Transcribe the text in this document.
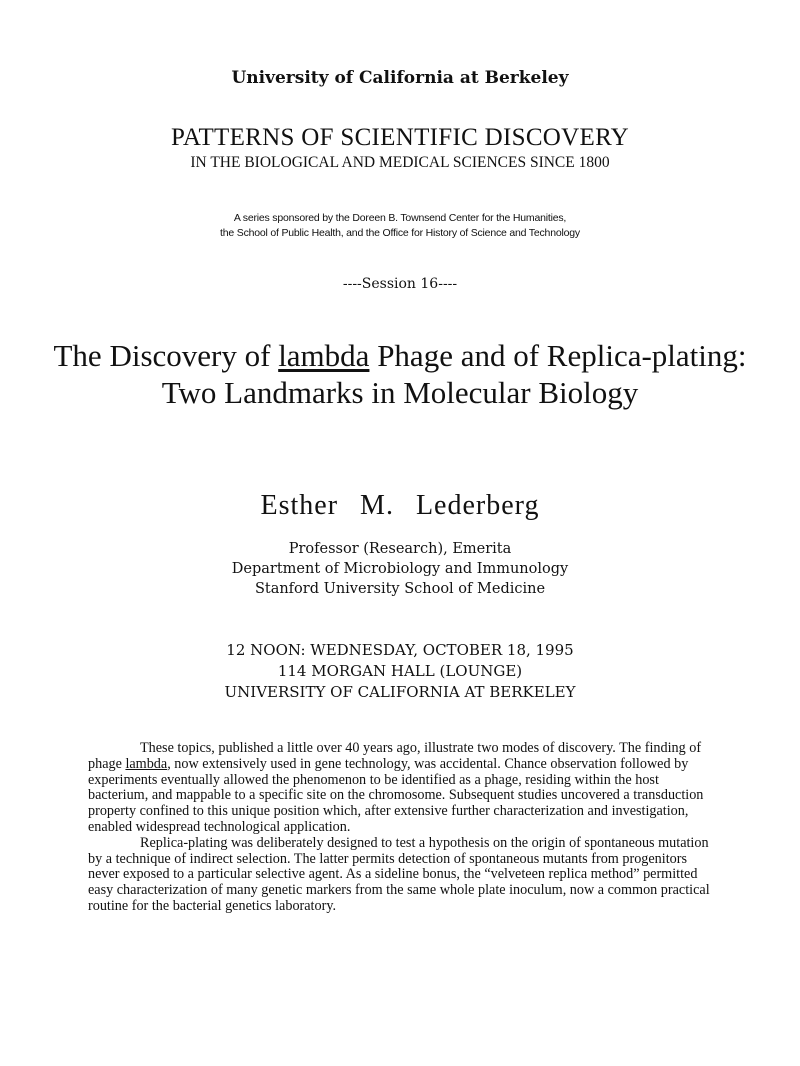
University of California at Berkeley
PATTERNS OF SCIENTIFIC DISCOVERY
IN THE BIOLOGICAL AND MEDICAL SCIENCES SINCE 1800
A series sponsored by the Doreen B. Townsend Center for the Humanities,
the School of Public Health, and the Office for History of Science and Technology
----Session 16----
The Discovery of lambda Phage and of Replica-plating: Two Landmarks in Molecular Biology
Esther M. Lederberg
Professor (Research), Emerita
Department of Microbiology and Immunology
Stanford University School of Medicine
12 NOON: WEDNESDAY, OCTOBER 18, 1995
114 MORGAN HALL (LOUNGE)
UNIVERSITY OF CALIFORNIA AT BERKELEY

These topics, published a little over 40 years ago, illustrate two modes of discovery. The finding of phage lambda, now extensively used in gene technology, was accidental. Chance observation followed by experiments eventually allowed the phenomenon to be identified as a phage, residing within the host bacterium, and mappable to a specific site on the chromosome. Subsequent studies uncovered a transduction property confined to this unique position which, after extensive further characterization and investigation, enabled widespread technological application.

Replica-plating was deliberately designed to test a hypothesis on the origin of spontaneous mutation by a technique of indirect selection. The latter permits detection of spontaneous mutants from progenitors never exposed to a particular selective agent. As a sideline bonus, the “velveteen replica method” permitted easy characterization of many genetic markers from the same whole plate inoculum, now a common practical routine for the bacterial genetics laboratory.
